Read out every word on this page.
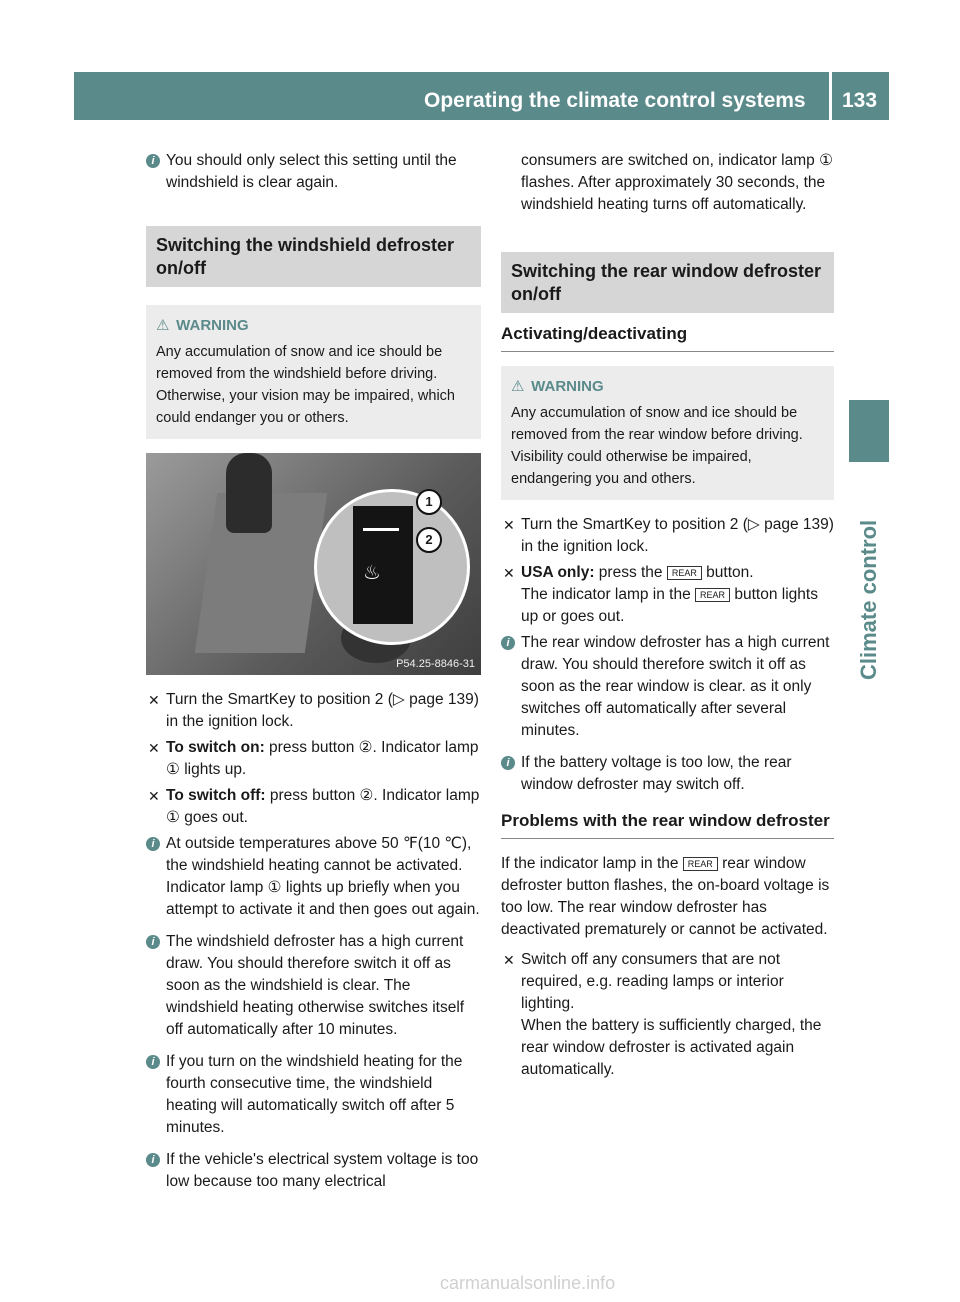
Operating the climate control systems 133
Climate control
i You should only select this setting until the windshield is clear again.
Switching the windshield defroster on/off
⚠ WARNING
Any accumulation of snow and ice should be removed from the windshield before driving. Otherwise, your vision may be impaired, which could endanger you or others.
♨
1
2
P54.25-8846-31
✕ Turn the SmartKey to position 2 (▷ page 139) in the ignition lock.
✕ To switch on: press button ②. Indicator lamp ① lights up.
✕ To switch off: press button ②. Indicator lamp ① goes out.
i At outside temperatures above 50 ℉(10 ℃), the windshield heating cannot be activated. Indicator lamp ① lights up briefly when you attempt to activate it and then goes out again.
i The windshield defroster has a high current draw. You should therefore switch it off as soon as the windshield is clear. The windshield heating otherwise switches itself off automatically after 10 minutes.
i If you turn on the windshield heating for the fourth consecutive time, the windshield heating will automatically switch off after 5 minutes.
i If the vehicle's electrical system voltage is too low because too many electrical
consumers are switched on, indicator lamp ① flashes. After approximately 30 seconds, the windshield heating turns off automatically.
Switching the rear window defroster on/off
Activating/deactivating
⚠ WARNING
Any accumulation of snow and ice should be removed from the rear window before driving. Visibility could otherwise be impaired, endangering you and others.
✕ Turn the SmartKey to position 2 (▷ page 139) in the ignition lock.
✕ USA only: press the REAR button.
The indicator lamp in the REAR button lights up or goes out.
i The rear window defroster has a high current draw. You should therefore switch it off as soon as the rear window is clear. as it only switches off automatically after several minutes.
i If the battery voltage is too low, the rear window defroster may switch off.
Problems with the rear window defroster
If the indicator lamp in the REAR rear window defroster button flashes, the on-board voltage is too low. The rear window defroster has deactivated prematurely or cannot be activated.
✕ Switch off any consumers that are not required, e.g. reading lamps or interior lighting.
When the battery is sufficiently charged, the rear window defroster is activated again automatically.
carmanualsonline.info
